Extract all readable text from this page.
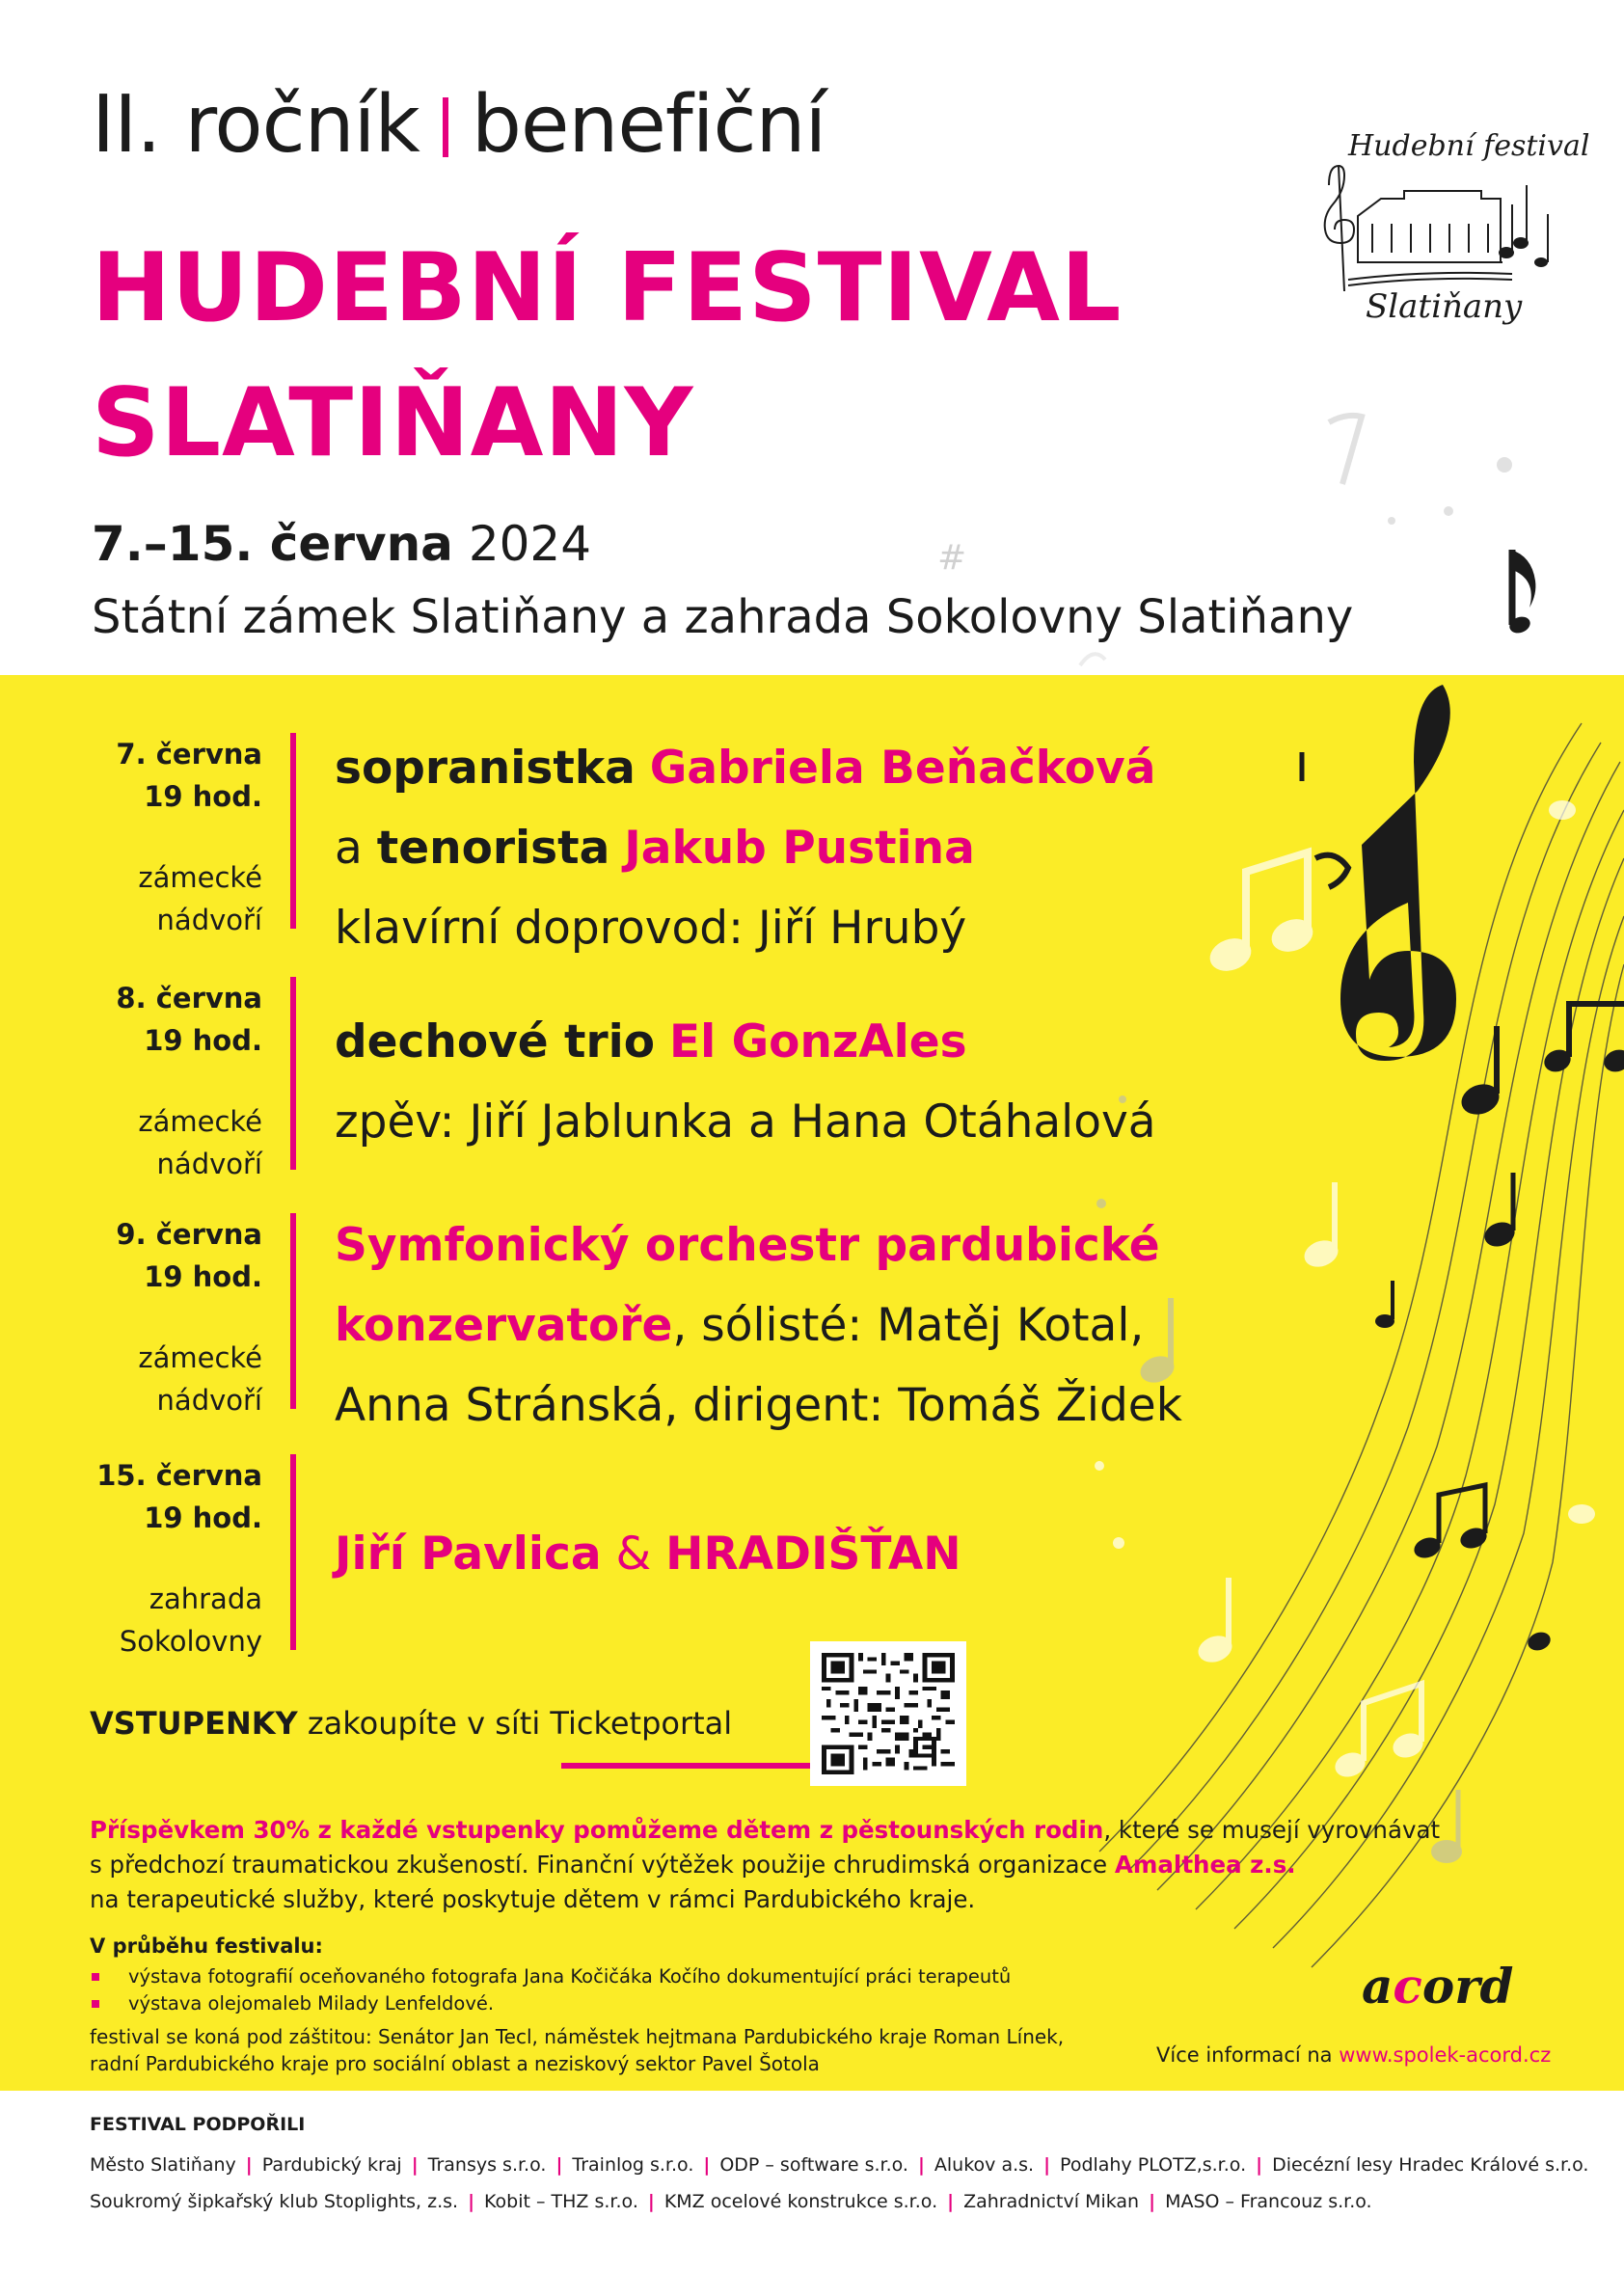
II. ročník benefiční
HUDEBNÍ FESTIVAL
SLATIŇANY
7.–15. června 2024
Státní zámek Slatiňany a zahrada Sokolovny Slatiňany
#
Hudební festival
Slatiňany
7. června
19 hod.
zámecké
nádvoří
sopranistka Gabriela Beňačková
a tenorista Jakub Pustina
klavírní doprovod: Jiří Hrubý
8. června
19 hod.
zámecké
nádvoří
dechové trio El GonzAles
zpěv: Jiří Jablunka a Hana Otáhalová
9. června
19 hod.
zámecké
nádvoří
Symfonický orchestr pardubické
konzervatoře, sólisté: Matěj Kotal,
Anna Stránská, dirigent: Tomáš Židek
15. června
19 hod.
zahrada
Sokolovny
Jiří Pavlica & HRADIŠŤAN
VSTUPENKY zakoupíte v síti Ticketportal
Příspěvkem 30% z každé vstupenky pomůžeme dětem z pěstounských rodin, které se musejí vyrovnávat
s předchozí traumatickou zkušeností. Finanční výtěžek použije chrudimská organizace Amalthea z.s.
na terapeutické služby, které poskytuje dětem v rámci Pardubického kraje.
V průběhu festivalu:
výstava fotografií oceňovaného fotografa Jana Kočičáka Kočího dokumentující práci terapeutů
výstava olejomaleb Milady Lenfeldové.
festival se koná pod záštitou: Senátor Jan Tecl, náměstek hejtmana Pardubického kraje Roman Línek,
radní Pardubického kraje pro sociální oblast a neziskový sektor Pavel Šotola
acord
Více informací na www.spolek-acord.cz
FESTIVAL PODPOŘILI
Město Slatiňany | Pardubický kraj | Transys s.r.o. | Trainlog s.r.o. | ODP – software s.r.o. | Alukov a.s. | Podlahy PLOTZ,s.r.o. | Diecézní lesy Hradec Králové s.r.o.
Soukromý šipkařský klub Stoplights, z.s. | Kobit – THZ s.r.o. | KMZ ocelové konstrukce s.r.o. | Zahradnictví Mikan | MASO – Francouz s.r.o.
